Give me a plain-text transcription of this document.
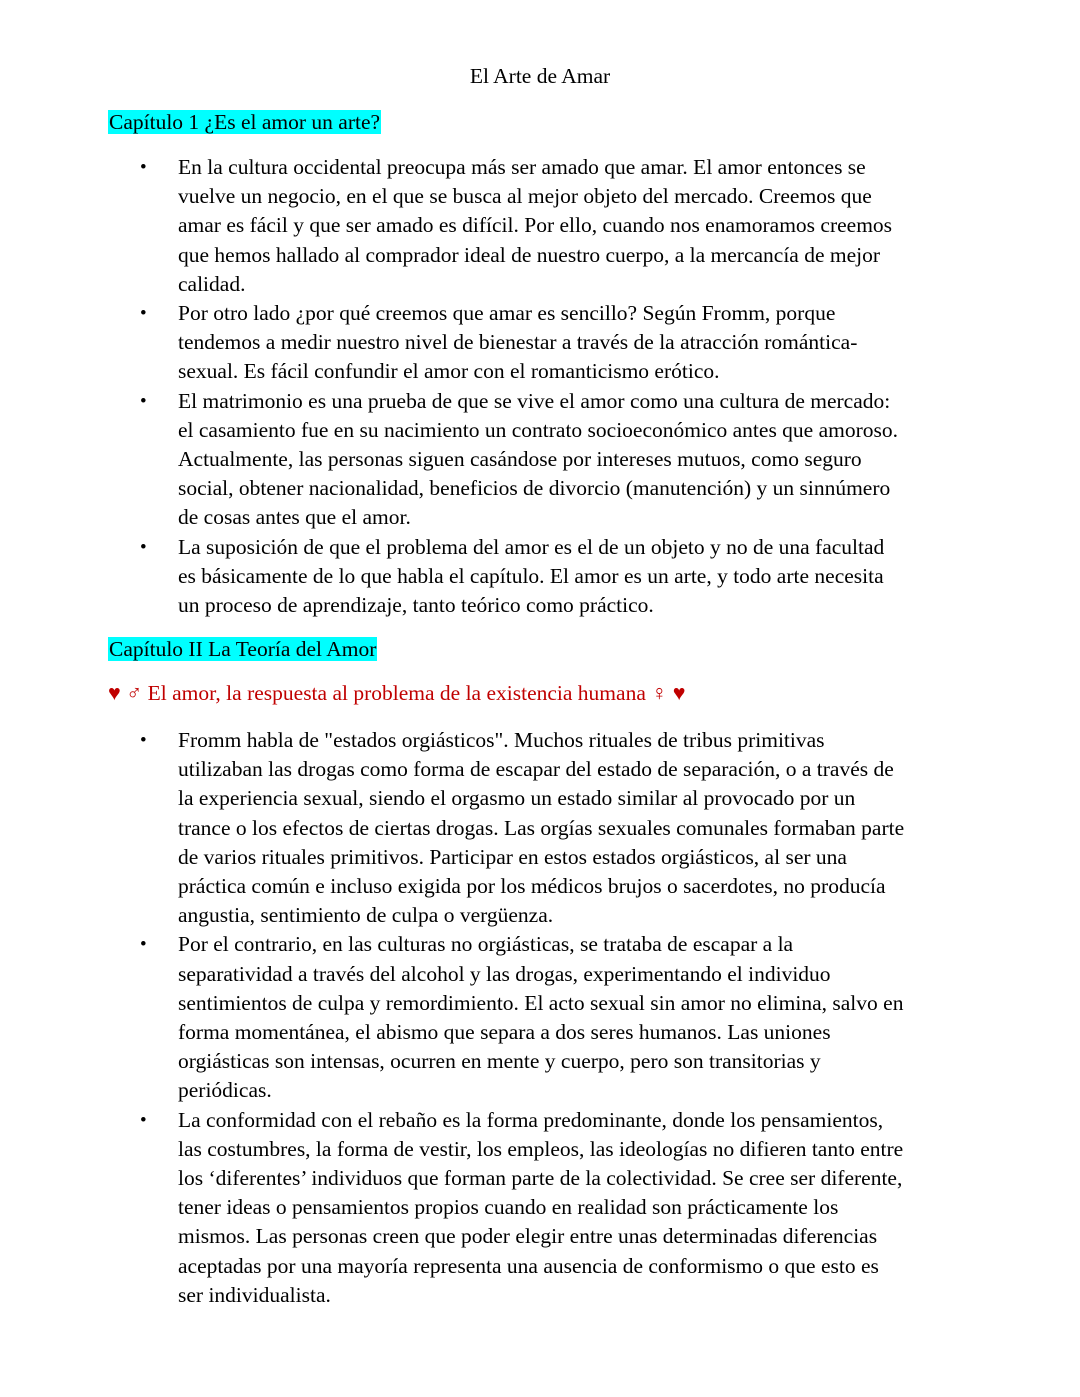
El Arte de Amar
Capítulo 1 ¿Es el amor un arte?
• En la cultura occidental preocupa más ser amado que amar. El amor entonces se
vuelve un negocio, en el que se busca al mejor objeto del mercado. Creemos que
amar es fácil y que ser amado es difícil. Por ello, cuando nos enamoramos creemos
que hemos hallado al comprador ideal de nuestro cuerpo, a la mercancía de mejor
calidad.
• Por otro lado ¿por qué creemos que amar es sencillo? Según Fromm, porque
tendemos a medir nuestro nivel de bienestar a través de la atracción romántica-
sexual. Es fácil confundir el amor con el romanticismo erótico.
• El matrimonio es una prueba de que se vive el amor como una cultura de mercado:
el casamiento fue en su nacimiento un contrato socioeconómico antes que amoroso.
Actualmente, las personas siguen casándose por intereses mutuos, como seguro
social, obtener nacionalidad, beneficios de divorcio (manutención) y un sinnúmero
de cosas antes que el amor.
• La suposición de que el problema del amor es el de un objeto y no de una facultad
es básicamente de lo que habla el capítulo. El amor es un arte, y todo arte necesita
un proceso de aprendizaje, tanto teórico como práctico.
Capítulo II La Teoría del Amor
♥ ♂ El amor, la respuesta al problema de la existencia humana ♀ ♥
• Fromm habla de "estados orgiásticos". Muchos rituales de tribus primitivas
utilizaban las drogas como forma de escapar del estado de separación, o a través de
la experiencia sexual, siendo el orgasmo un estado similar al provocado por un
trance o los efectos de ciertas drogas. Las orgías sexuales comunales formaban parte
de varios rituales primitivos. Participar en estos estados orgiásticos, al ser una
práctica común e incluso exigida por los médicos brujos o sacerdotes, no producía
angustia, sentimiento de culpa o vergüenza.
• Por el contrario, en las culturas no orgiásticas, se trataba de escapar a la
separatividad a través del alcohol y las drogas, experimentando el individuo
sentimientos de culpa y remordimiento. El acto sexual sin amor no elimina, salvo en
forma momentánea, el abismo que separa a dos seres humanos. Las uniones
orgiásticas son intensas, ocurren en mente y cuerpo, pero son transitorias y
periódicas.
• La conformidad con el rebaño es la forma predominante, donde los pensamientos,
las costumbres, la forma de vestir, los empleos, las ideologías no difieren tanto entre
los ‘diferentes’ individuos que forman parte de la colectividad. Se cree ser diferente,
tener ideas o pensamientos propios cuando en realidad son prácticamente los
mismos. Las personas creen que poder elegir entre unas determinadas diferencias
aceptadas por una mayoría representa una ausencia de conformismo o que esto es
ser individualista.
